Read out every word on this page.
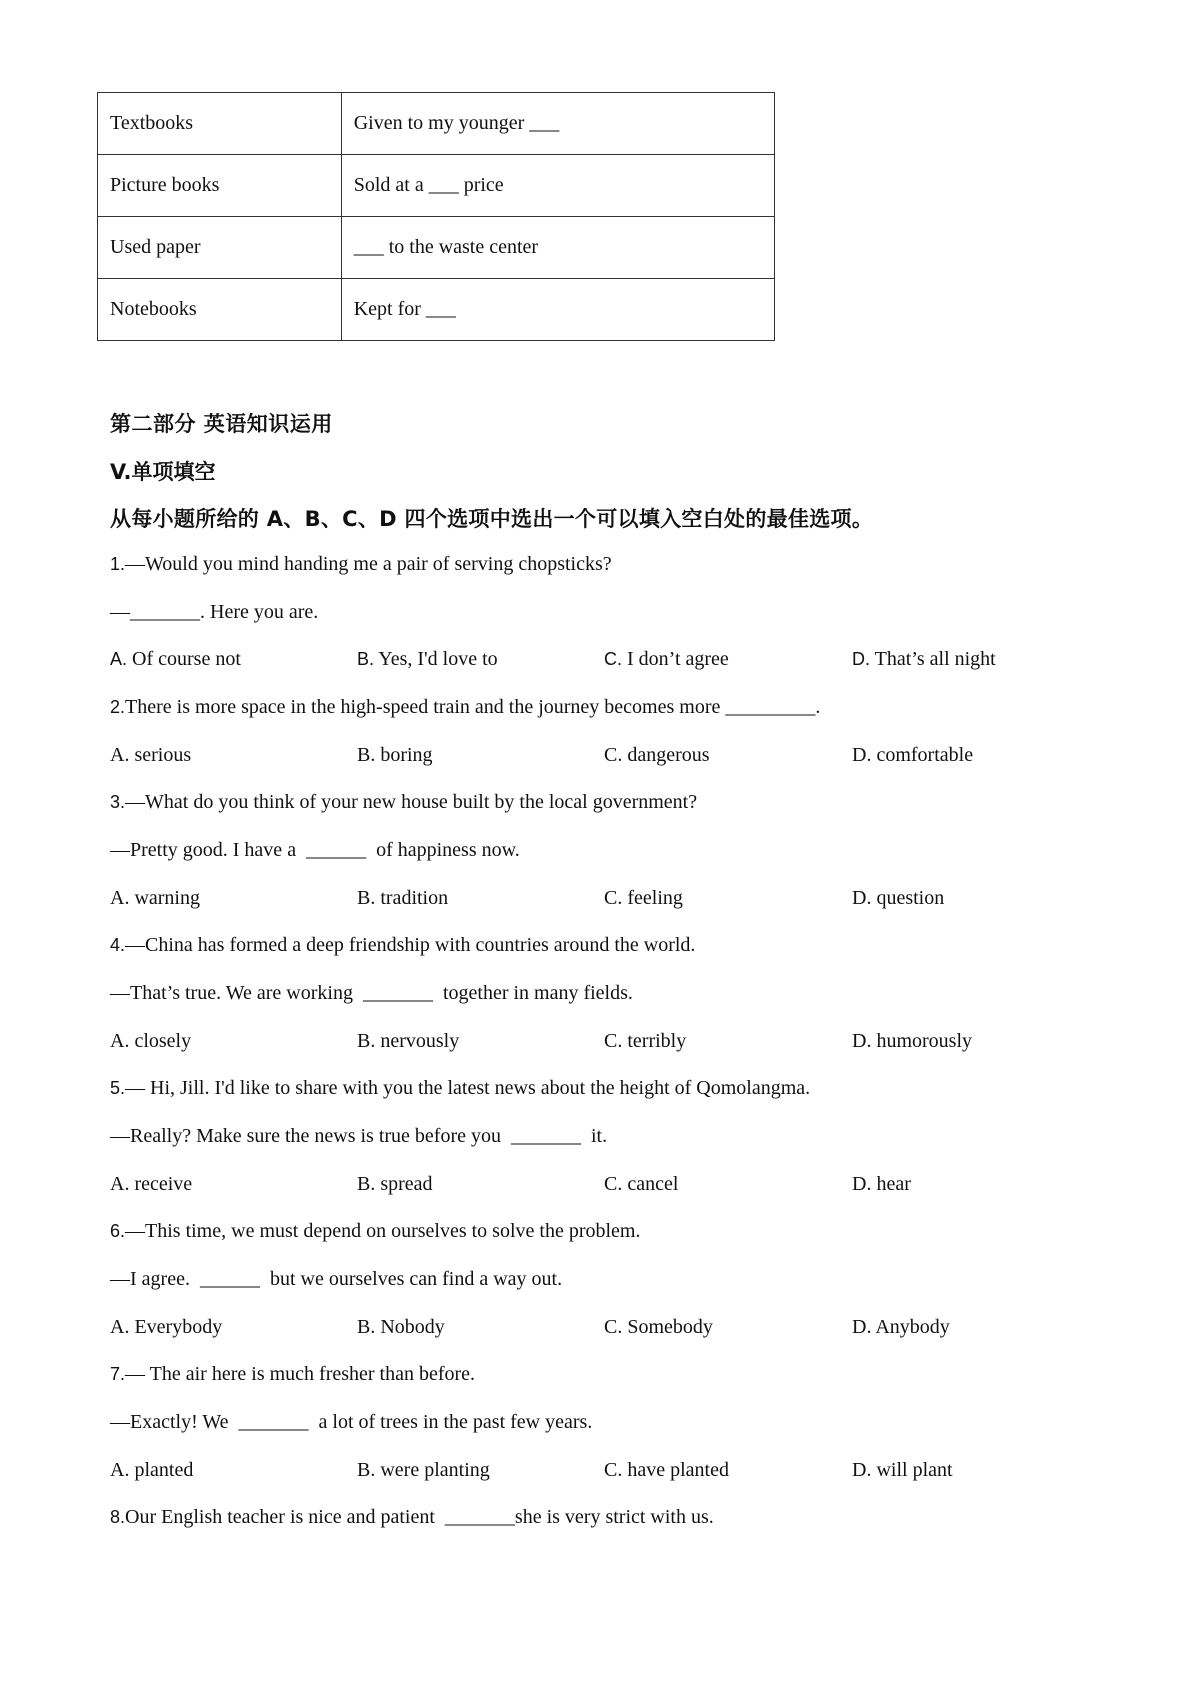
Textbooks	Given to my younger ___
Picture books	Sold at a ___ price
Used paper	___ to the waste center
Notebooks	Kept for ___
第二部分 英语知识运用
V.单项填空
从每小题所给的 A、B、C、D 四个选项中选出一个可以填入空白处的最佳选项。
1.—Would you mind handing me a pair of serving chopsticks?
—_______. Here you are.
A. Of course not	B. Yes, I'd love to	C. I don’t agree	D. That’s all night
2.There is more space in the high-speed train and the journey becomes more _________.
A. serious	B. boring	C. dangerous	D. comfortable
3.—What do you think of your new house built by the local government?
—Pretty good. I have a  ______  of happiness now.
A. warning	B. tradition	C. feeling	D. question
4.—China has formed a deep friendship with countries around the world.
—That’s true. We are working  _______  together in many fields.
A. closely	B. nervously	C. terribly	D. humorously
5.— Hi, Jill. I'd like to share with you the latest news about the height of Qomolangma.
—Really? Make sure the news is true before you  _______  it.
A. receive	B. spread	C. cancel	D. hear
6.—This time, we must depend on ourselves to solve the problem.
—I agree.  ______  but we ourselves can find a way out.
A. Everybody	B. Nobody	C. Somebody	D. Anybody
7.— The air here is much fresher than before.
—Exactly! We  _______  a lot of trees in the past few years.
A. planted	B. were planting	C. have planted	D. will plant
8.Our English teacher is nice and patient  _______she is very strict with us.
